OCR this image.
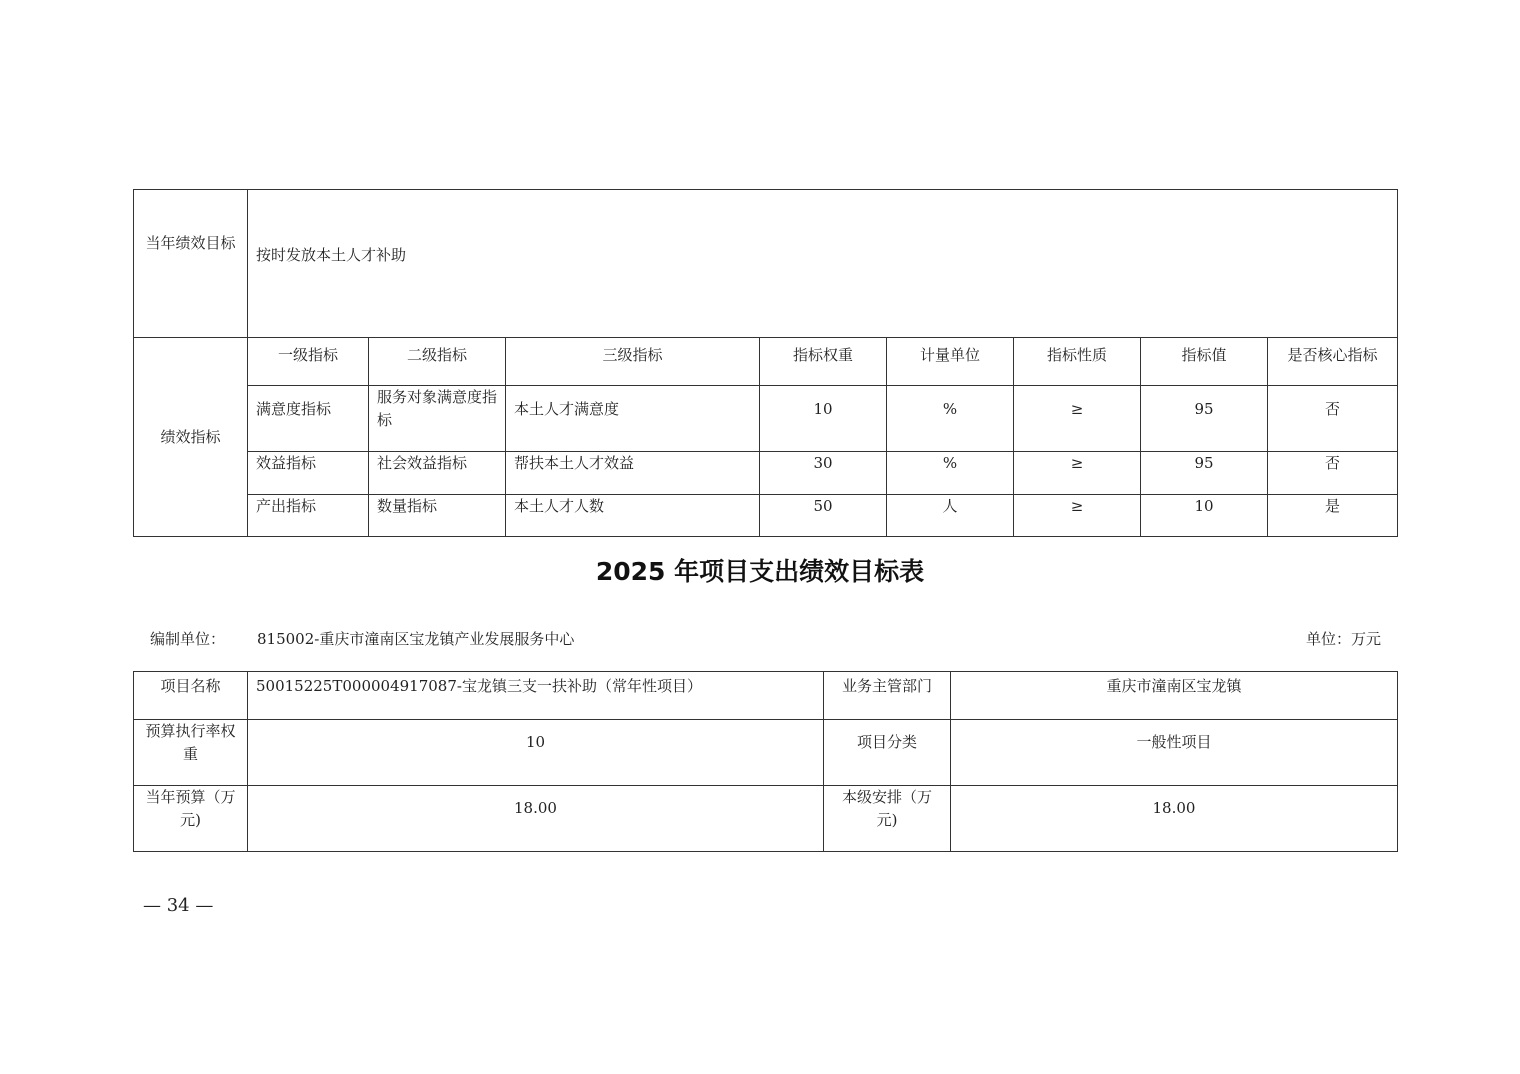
当年绩效目标	按时发放本土人才补助							
绩效指标	一级指标	二级指标	三级指标	指标权重	计量单位	指标性质	指标值	是否核心指标
	满意度指标	服务对象满意度指标	本土人才满意度	10	%	≥	95	否
	效益指标	社会效益指标	帮扶本土人才效益	30	%	≥	95	否
	产出指标	数量指标	本土人才人数	50	人	≥	10	是
2025 年项目支出绩效目标表
编制单位： 815002-重庆市潼南区宝龙镇产业发展服务中心	单位：万元
项目名称	50015225T000004917087-宝龙镇三支一扶补助（常年性项目）	业务主管部门	重庆市潼南区宝龙镇
预算执行率权重	10	项目分类	一般性项目
当年预算（万元)	18.00	本级安排（万元)	18.00
— 34 —
